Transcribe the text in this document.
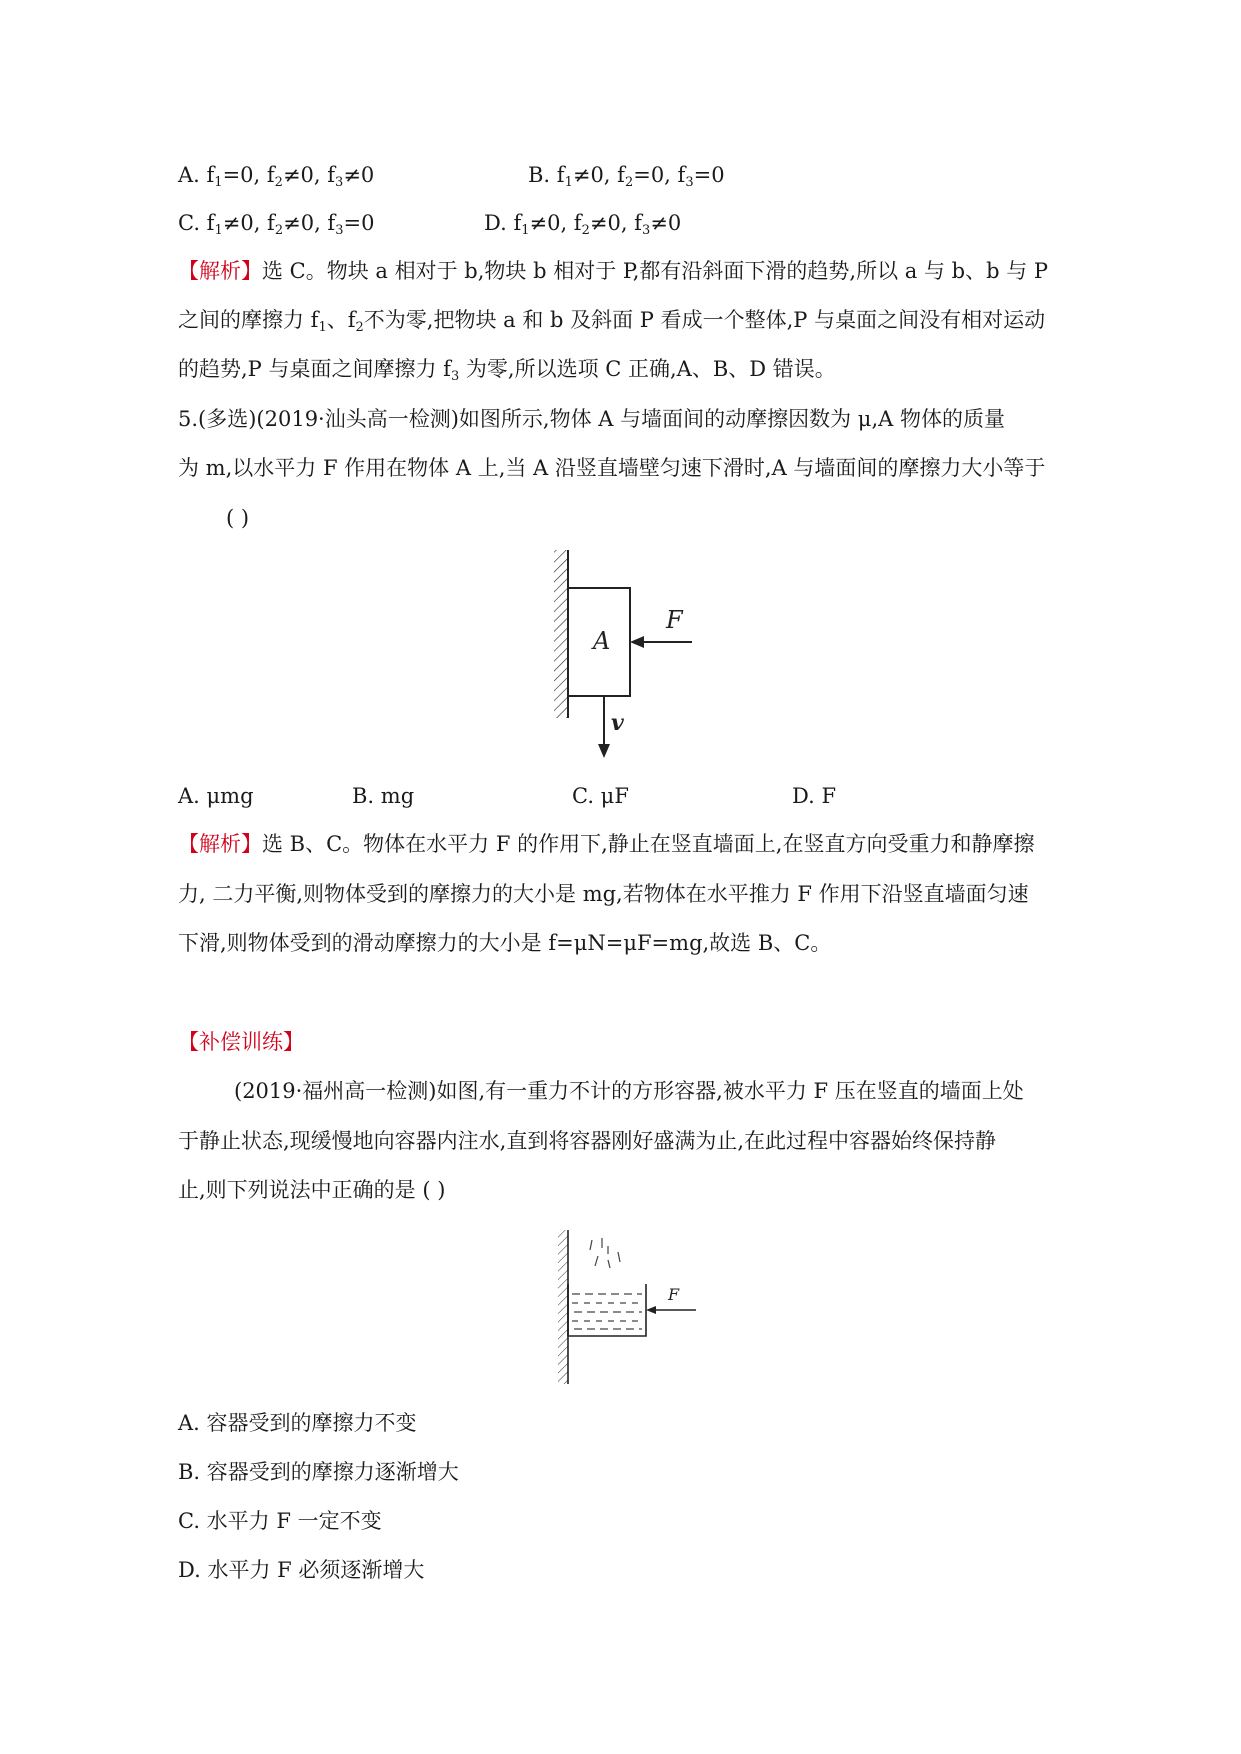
A. $f_1=0$, $f_2\ne 0$, $f_3\ne 0$	B. $f_1\ne 0$, $f_2=0$, $f_3=0$
C. $f_1\ne 0$, $f_2\ne 0$, $f_3=0$	D. $f_1\ne 0$, $f_2\ne 0$, $f_3\ne 0$
【解析】选 C。物块 a 相对于 b,物块 b 相对于 P,都有沿斜面下滑的趋势,所以 a 与 b、b 与 P
之间的摩擦力 $f_1$、$f_2$不为零,把物块 a 和 b 及斜面 P 看成一个整体,P 与桌面之间没有相对运动
的趋势,P 与桌面之间摩擦力 $f_3$ 为零,所以选项 C 正确,A、B、D 错误。
5.(多选)(2019·汕头高一检测)如图所示,物体 A 与墙面间的动摩擦因数为 μ,A 物体的质量
为 m,以水平力 F 作用在物体 A 上,当 A 沿竖直墙壁匀速下滑时,A 与墙面间的摩擦力大小等于
( )
A
F
v
A. μmg	B. mg	C. μF	D. F
【解析】选 B、C。物体在水平力 F 的作用下,静止在竖直墙面上,在竖直方向受重力和静摩擦
力, 二力平衡,则物体受到的摩擦力的大小是 mg,若物体在水平推力 F 作用下沿竖直墙面匀速
下滑,则物体受到的滑动摩擦力的大小是 f=μN=μF=mg,故选 B、C。
【补偿训练】
(2019·福州高一检测)如图,有一重力不计的方形容器,被水平力 F 压在竖直的墙面上处
于静止状态,现缓慢地向容器内注水,直到将容器刚好盛满为止,在此过程中容器始终保持静
止,则下列说法中正确的是 ( )
F
A. 容器受到的摩擦力不变
B. 容器受到的摩擦力逐渐增大
C. 水平力 F 一定不变
D. 水平力 F 必须逐渐增大
